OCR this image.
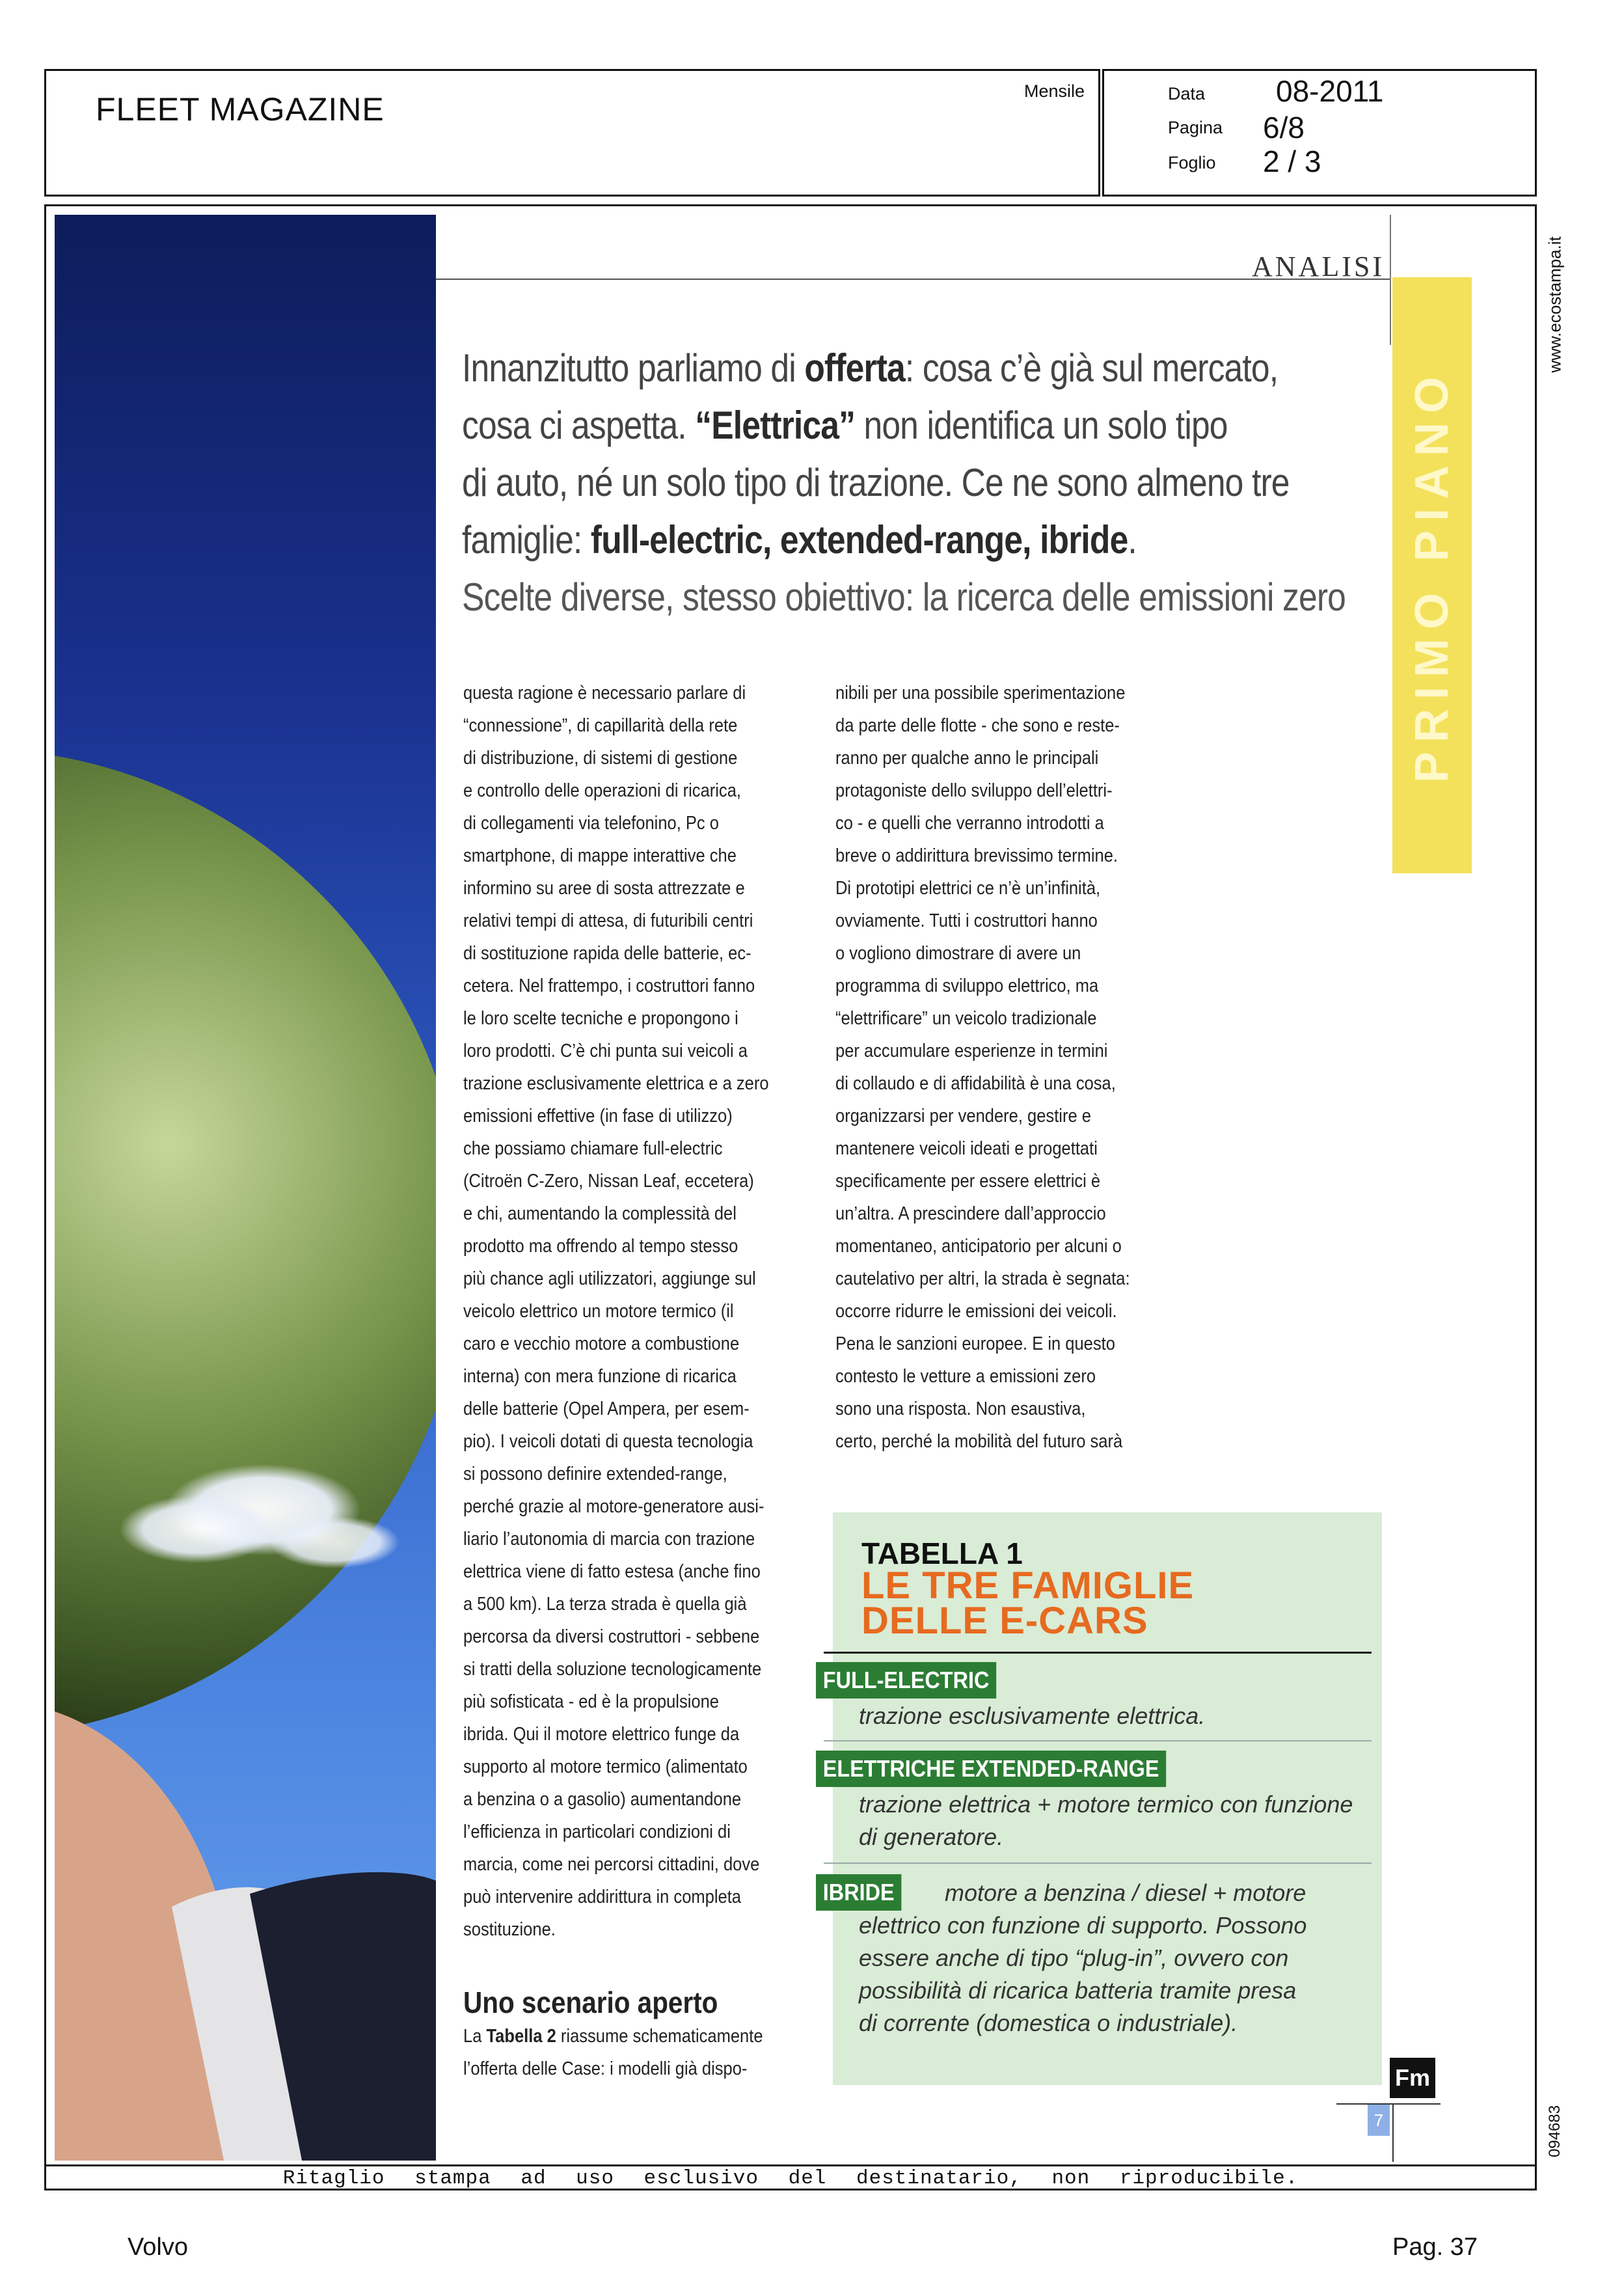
FLEET MAGAZINE	Mensile	Data 08-2011
Pagina 6/8
Foglio 2 / 3
www.ecostampa.it
094683
ANALISI
PRIMO PIANO
Innanzitutto parliamo di offerta: cosa c’è già sul mercato,
cosa ci aspetta. “Elettrica” non identifica un solo tipo
di auto, né un solo tipo di trazione. Ce ne sono almeno tre
famiglie: full-electric, extended-range, ibride.
Scelte diverse, stesso obiettivo: la ricerca delle emissioni zero
questa ragione è necessario parlare di
“connessione”, di capillarità della rete
di distribuzione, di sistemi di gestione
e controllo delle operazioni di ricarica,
di collegamenti via telefonino, Pc o
smartphone, di mappe interattive che
informino su aree di sosta attrezzate e
relativi tempi di attesa, di futuribili centri
di sostituzione rapida delle batterie, ec-
cetera. Nel frattempo, i costruttori fanno
le loro scelte tecniche e propongono i
loro prodotti. C’è chi punta sui veicoli a
trazione esclusivamente elettrica e a zero
emissioni effettive (in fase di utilizzo)
che possiamo chiamare full-electric
(Citroën C-Zero, Nissan Leaf, eccetera)
e chi, aumentando la complessità del
prodotto ma offrendo al tempo stesso
più chance agli utilizzatori, aggiunge sul
veicolo elettrico un motore termico (il
caro e vecchio motore a combustione
interna) con mera funzione di ricarica
delle batterie (Opel Ampera, per esem-
pio). I veicoli dotati di questa tecnologia
si possono definire extended-range,
perché grazie al motore-generatore ausi-
liario l’autonomia di marcia con trazione
elettrica viene di fatto estesa (anche fino
a 500 km). La terza strada è quella già
percorsa da diversi costruttori - sebbene
si tratti della soluzione tecnologicamente
più sofisticata - ed è la propulsione
ibrida. Qui il motore elettrico funge da
supporto al motore termico (alimentato
a benzina o a gasolio) aumentandone
l’efficienza in particolari condizioni di
marcia, come nei percorsi cittadini, dove
può intervenire addirittura in completa
sostituzione.
nibili per una possibile sperimentazione
da parte delle flotte - che sono e reste-
ranno per qualche anno le principali
protagoniste dello sviluppo dell’elettri-
co - e quelli che verranno introdotti a
breve o addirittura brevissimo termine.
Di prototipi elettrici ce n’è un’infinità,
ovviamente. Tutti i costruttori hanno
o vogliono dimostrare di avere un
programma di sviluppo elettrico, ma
“elettrificare” un veicolo tradizionale
per accumulare esperienze in termini
di collaudo e di affidabilità è una cosa,
organizzarsi per vendere, gestire e
mantenere veicoli ideati e progettati
specificamente per essere elettrici è
un’altra. A prescindere dall’approccio
momentaneo, anticipatorio per alcuni o
cautelativo per altri, la strada è segnata:
occorre ridurre le emissioni dei veicoli.
Pena le sanzioni europee. E in questo
contesto le vetture a emissioni zero
sono una risposta. Non esaustiva,
certo, perché la mobilità del futuro sarà
Uno scenario aperto
La Tabella 2 riassume schematicamente
l’offerta delle Case: i modelli già dispo-
TABELLA 1
LE TRE FAMIGLIE
DELLE E-CARS
FULL-ELECTRIC
trazione esclusivamente elettrica.
ELETTRICHE EXTENDED-RANGE
trazione elettrica + motore termico con funzione
di generatore.
IBRIDE	motore a benzina / diesel + motore
elettrico con funzione di supporto. Possono
essere anche di tipo “plug-in”, ovvero con
possibilità di ricarica batteria tramite presa
di corrente (domestica o industriale).
Fm
7
Ritaglio stampa ad uso esclusivo del destinatario, non riproducibile.
Volvo	Pag. 37
